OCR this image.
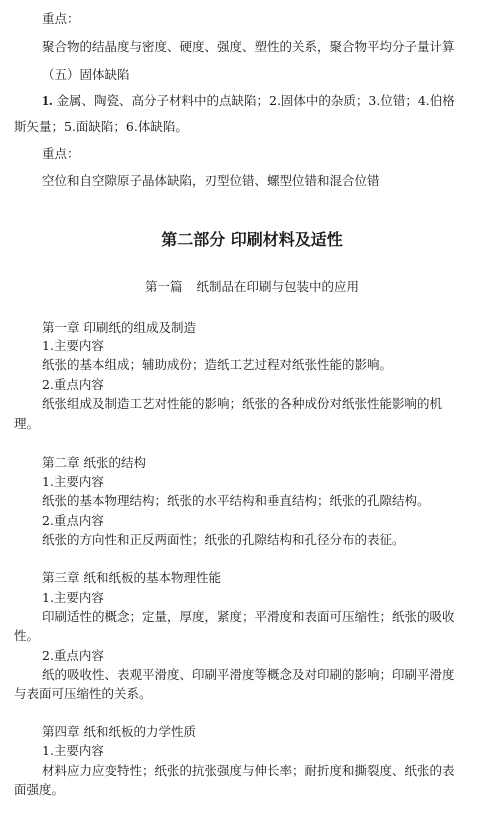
重点：
聚合物的结晶度与密度、硬度、强度、塑性的关系，聚合物平均分子量计算
（五）固体缺陷
1. 金属、陶瓷、高分子材料中的点缺陷；2.固体中的杂质；3.位错；4.伯格
斯矢量；5.面缺陷；6.体缺陷。
重点：
空位和自空隙原子晶体缺陷，刃型位错、螺型位错和混合位错
第二部分 印刷材料及适性
第一篇 纸制品在印刷与包装中的应用
第一章 印刷纸的组成及制造
1.主要内容
纸张的基本组成；辅助成份；造纸工艺过程对纸张性能的影响。
2.重点内容
纸张组成及制造工艺对性能的影响；纸张的各种成份对纸张性能影响的机
理。
第二章 纸张的结构
1.主要内容
纸张的基本物理结构；纸张的水平结构和垂直结构；纸张的孔隙结构。
2.重点内容
纸张的方向性和正反两面性；纸张的孔隙结构和孔径分布的表征。
第三章 纸和纸板的基本物理性能
1.主要内容
印刷适性的概念；定量，厚度，紧度；平滑度和表面可压缩性；纸张的吸收
性。
2.重点内容
纸的吸收性、表观平滑度、印刷平滑度等概念及对印刷的影响；印刷平滑度
与表面可压缩性的关系。
第四章 纸和纸板的力学性质
1.主要内容
材料应力应变特性；纸张的抗张强度与伸长率；耐折度和撕裂度、纸张的表
面强度。
